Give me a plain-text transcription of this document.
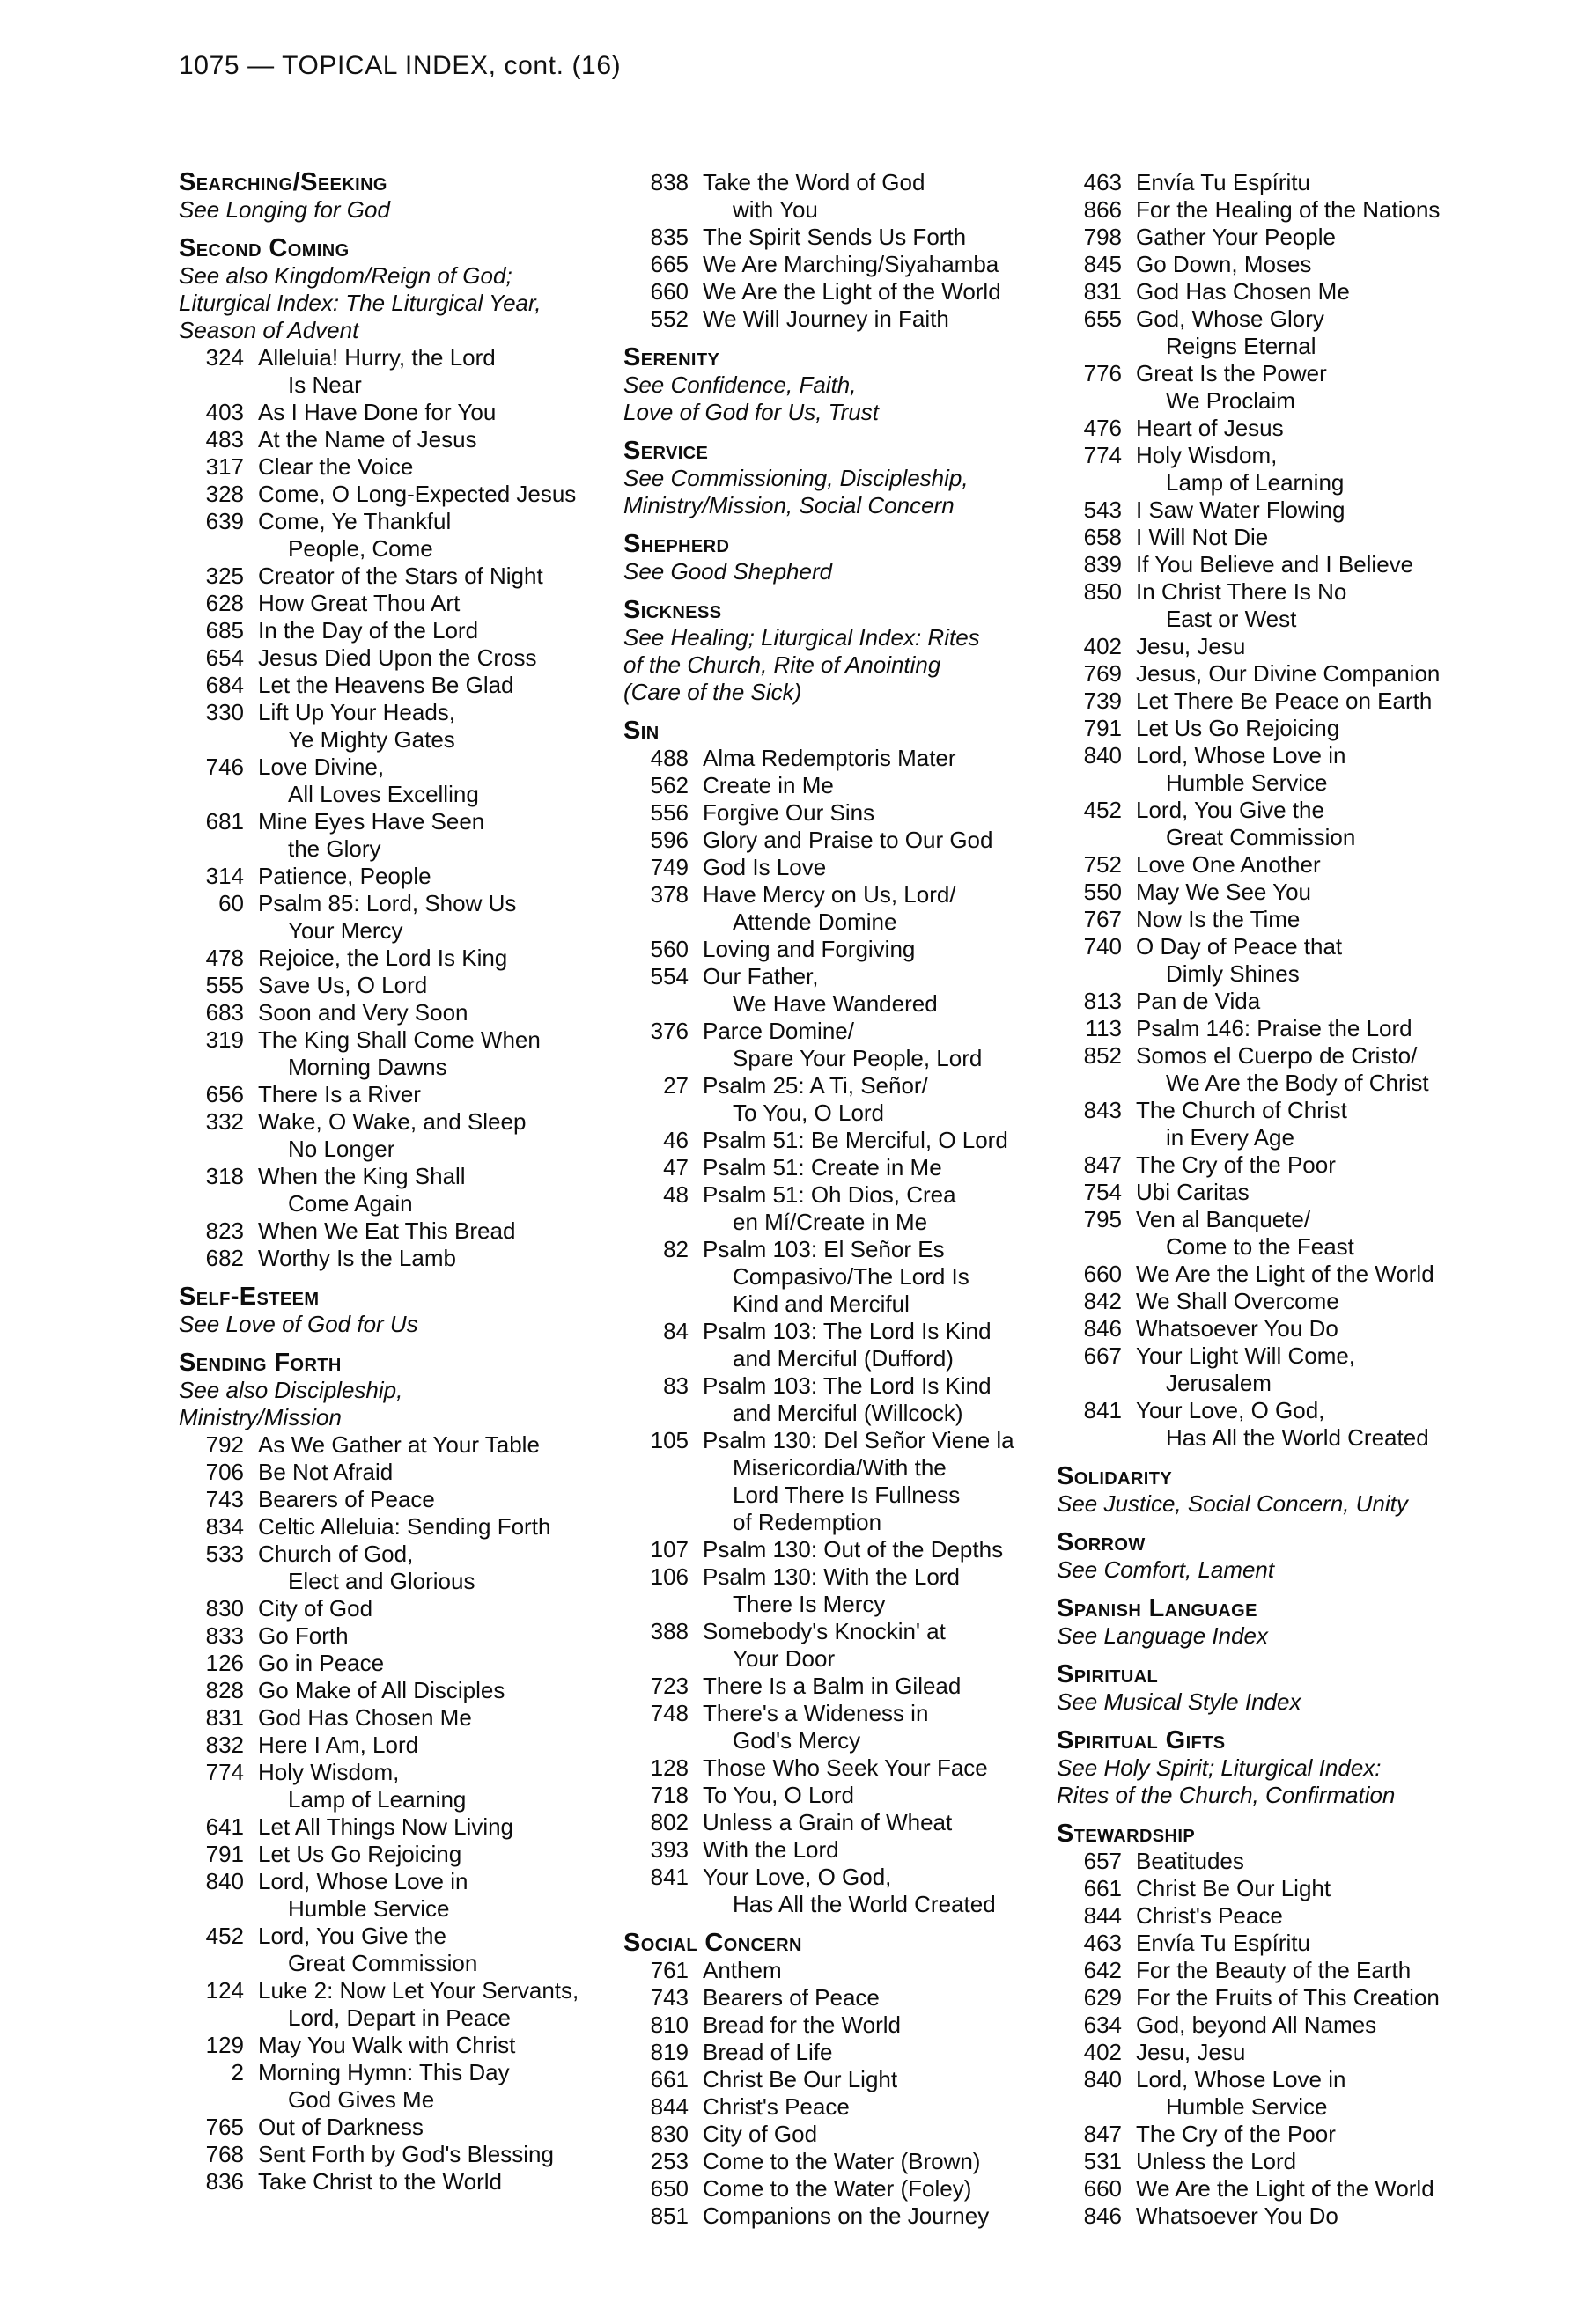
1075 — TOPICAL INDEX, cont. (16)
Searching/Seeking
See Longing for God
Second Coming
See also Kingdom/Reign of God;
Liturgical Index: The Liturgical Year,
Season of Advent
324 Alleluia! Hurry, the Lord
Is Near
403 As I Have Done for You
483 At the Name of Jesus
317 Clear the Voice
328 Come, O Long-Expected Jesus
639 Come, Ye Thankful
People, Come
325 Creator of the Stars of Night
628 How Great Thou Art
685 In the Day of the Lord
654 Jesus Died Upon the Cross
684 Let the Heavens Be Glad
330 Lift Up Your Heads,
Ye Mighty Gates
746 Love Divine,
All Loves Excelling
681 Mine Eyes Have Seen
the Glory
314 Patience, People
60 Psalm 85: Lord, Show Us
Your Mercy
478 Rejoice, the Lord Is King
555 Save Us, O Lord
683 Soon and Very Soon
319 The King Shall Come When
Morning Dawns
656 There Is a River
332 Wake, O Wake, and Sleep
No Longer
318 When the King Shall
Come Again
823 When We Eat This Bread
682 Worthy Is the Lamb
Self-Esteem
See Love of God for Us
Sending Forth
See also Discipleship,
Ministry/Mission
792 As We Gather at Your Table
706 Be Not Afraid
743 Bearers of Peace
834 Celtic Alleluia: Sending Forth
533 Church of God,
Elect and Glorious
830 City of God
833 Go Forth
126 Go in Peace
828 Go Make of All Disciples
831 God Has Chosen Me
832 Here I Am, Lord
774 Holy Wisdom,
Lamp of Learning
641 Let All Things Now Living
791 Let Us Go Rejoicing
840 Lord, Whose Love in
Humble Service
452 Lord, You Give the
Great Commission
124 Luke 2: Now Let Your Servants,
Lord, Depart in Peace
129 May You Walk with Christ
2 Morning Hymn: This Day
God Gives Me
765 Out of Darkness
768 Sent Forth by God's Blessing
836 Take Christ to the World
838 Take the Word of God
with You
835 The Spirit Sends Us Forth
665 We Are Marching/Siyahamba
660 We Are the Light of the World
552 We Will Journey in Faith
Serenity
See Confidence, Faith,
Love of God for Us, Trust
Service
See Commissioning, Discipleship,
Ministry/Mission, Social Concern
Shepherd
See Good Shepherd
Sickness
See Healing; Liturgical Index: Rites
of the Church, Rite of Anointing
(Care of the Sick)
Sin
488 Alma Redemptoris Mater
562 Create in Me
556 Forgive Our Sins
596 Glory and Praise to Our God
749 God Is Love
378 Have Mercy on Us, Lord/
Attende Domine
560 Loving and Forgiving
554 Our Father,
We Have Wandered
376 Parce Domine/
Spare Your People, Lord
27 Psalm 25: A Ti, Señor/
To You, O Lord
46 Psalm 51: Be Merciful, O Lord
47 Psalm 51: Create in Me
48 Psalm 51: Oh Dios, Crea
en Mí/Create in Me
82 Psalm 103: El Señor Es
Compasivo/The Lord Is
Kind and Merciful
84 Psalm 103: The Lord Is Kind
and Merciful (Dufford)
83 Psalm 103: The Lord Is Kind
and Merciful (Willcock)
105 Psalm 130: Del Señor Viene la
Misericordia/With the
Lord There Is Fullness
of Redemption
107 Psalm 130: Out of the Depths
106 Psalm 130: With the Lord
There Is Mercy
388 Somebody's Knockin' at
Your Door
723 There Is a Balm in Gilead
748 There's a Wideness in
God's Mercy
128 Those Who Seek Your Face
718 To You, O Lord
802 Unless a Grain of Wheat
393 With the Lord
841 Your Love, O God,
Has All the World Created
Social Concern
761 Anthem
743 Bearers of Peace
810 Bread for the World
819 Bread of Life
661 Christ Be Our Light
844 Christ's Peace
830 City of God
253 Come to the Water (Brown)
650 Come to the Water (Foley)
851 Companions on the Journey
463 Envía Tu Espíritu
866 For the Healing of the Nations
798 Gather Your People
845 Go Down, Moses
831 God Has Chosen Me
655 God, Whose Glory
Reigns Eternal
776 Great Is the Power
We Proclaim
476 Heart of Jesus
774 Holy Wisdom,
Lamp of Learning
543 I Saw Water Flowing
658 I Will Not Die
839 If You Believe and I Believe
850 In Christ There Is No
East or West
402 Jesu, Jesu
769 Jesus, Our Divine Companion
739 Let There Be Peace on Earth
791 Let Us Go Rejoicing
840 Lord, Whose Love in
Humble Service
452 Lord, You Give the
Great Commission
752 Love One Another
550 May We See You
767 Now Is the Time
740 O Day of Peace that
Dimly Shines
813 Pan de Vida
113 Psalm 146: Praise the Lord
852 Somos el Cuerpo de Cristo/
We Are the Body of Christ
843 The Church of Christ
in Every Age
847 The Cry of the Poor
754 Ubi Caritas
795 Ven al Banquete/
Come to the Feast
660 We Are the Light of the World
842 We Shall Overcome
846 Whatsoever You Do
667 Your Light Will Come,
Jerusalem
841 Your Love, O God,
Has All the World Created
Solidarity
See Justice, Social Concern, Unity
Sorrow
See Comfort, Lament
Spanish Language
See Language Index
Spiritual
See Musical Style Index
Spiritual Gifts
See Holy Spirit; Liturgical Index:
Rites of the Church, Confirmation
Stewardship
657 Beatitudes
661 Christ Be Our Light
844 Christ's Peace
463 Envía Tu Espíritu
642 For the Beauty of the Earth
629 For the Fruits of This Creation
634 God, beyond All Names
402 Jesu, Jesu
840 Lord, Whose Love in
Humble Service
847 The Cry of the Poor
531 Unless the Lord
660 We Are the Light of the World
846 Whatsoever You Do
